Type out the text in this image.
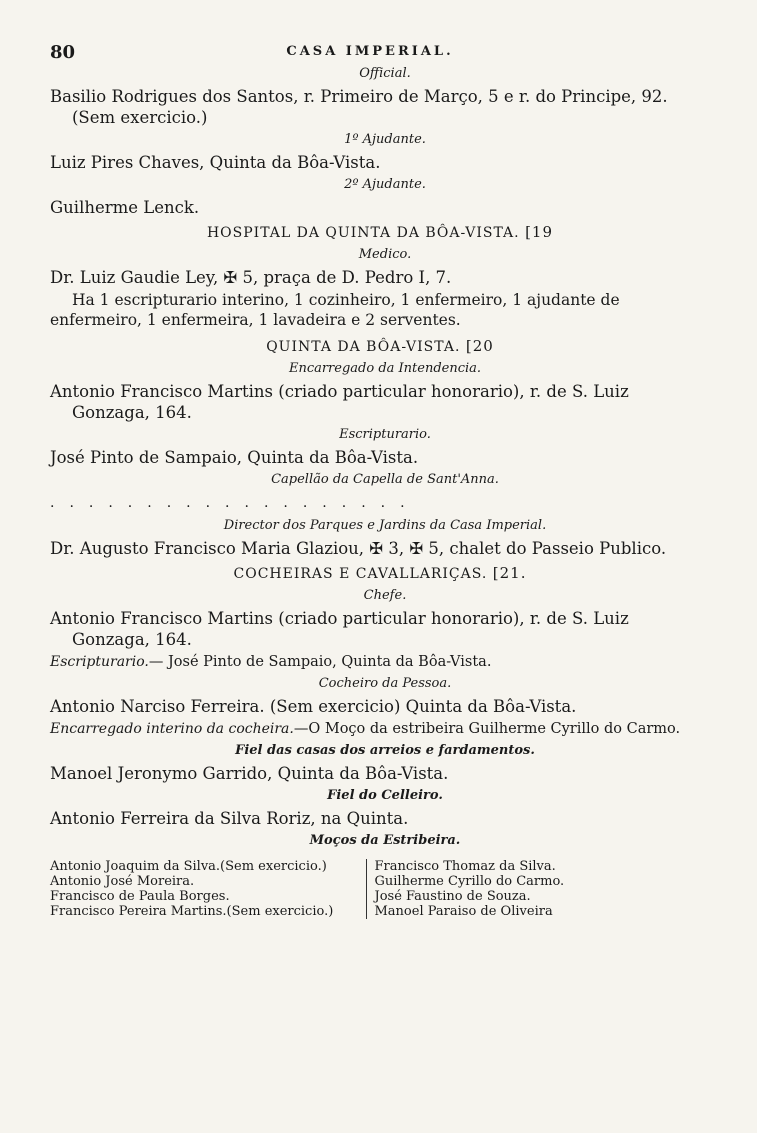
80	CASA IMPERIAL.
Official.
Basilio Rodrigues dos Santos, r. Primeiro de Março, 5 e r. do Principe, 92. (Sem exercicio.)
1º Ajudante.
Luiz Pires Chaves, Quinta da Bôa-Vista.
2º Ajudante.
Guilherme Lenck.
HOSPITAL DA QUINTA DA BÔA-VISTA. [19
Medico.
Dr. Luiz Gaudie Ley, ✠ 5, praça de D. Pedro I, 7.
Ha 1 escripturario interino, 1 cozinheiro, 1 enfermeiro, 1 ajudante de enfermeiro, 1 enfermeira, 1 lavadeira e 2 serventes.
QUINTA DA BÔA-VISTA. [20
Encarregado da Intendencia.
Antonio Francisco Martins (criado particular honorario), r. de S. Luiz Gonzaga, 164.
Escripturario.
José Pinto de Sampaio, Quinta da Bôa-Vista.
Capellão da Capella de Sant'Anna.
...................
Director dos Parques e Jardins da Casa Imperial.
Dr. Augusto Francisco Maria Glaziou, ✠ 3, ✠ 5, chalet do Passeio Publico.
COCHEIRAS E CAVALLARIÇAS. [21.
Chefe.
Antonio Francisco Martins (criado particular honorario), r. de S. Luiz Gonzaga, 164.
Escripturario.— José Pinto de Sampaio, Quinta da Bôa-Vista.
Cocheiro da Pessoa.
Antonio Narciso Ferreira. (Sem exercicio) Quinta da Bôa-Vista.
Encarregado interino da cocheira.—O Moço da estribeira Guilherme Cyrillo do Carmo.
Fiel das casas dos arreios e fardamentos.
Manoel Jeronymo Garrido, Quinta da Bôa-Vista.
Fiel do Celleiro.
Antonio Ferreira da Silva Roriz, na Quinta.
Moços da Estribeira.
Antonio Joaquim da Silva.(Sem exercicio.)
Antonio José Moreira.
Francisco de Paula Borges.
Francisco Pereira Martins.(Sem exercicio.)
Francisco Thomaz da Silva.
Guilherme Cyrillo do Carmo.
José Faustino de Souza.
Manoel Paraiso de Oliveira
